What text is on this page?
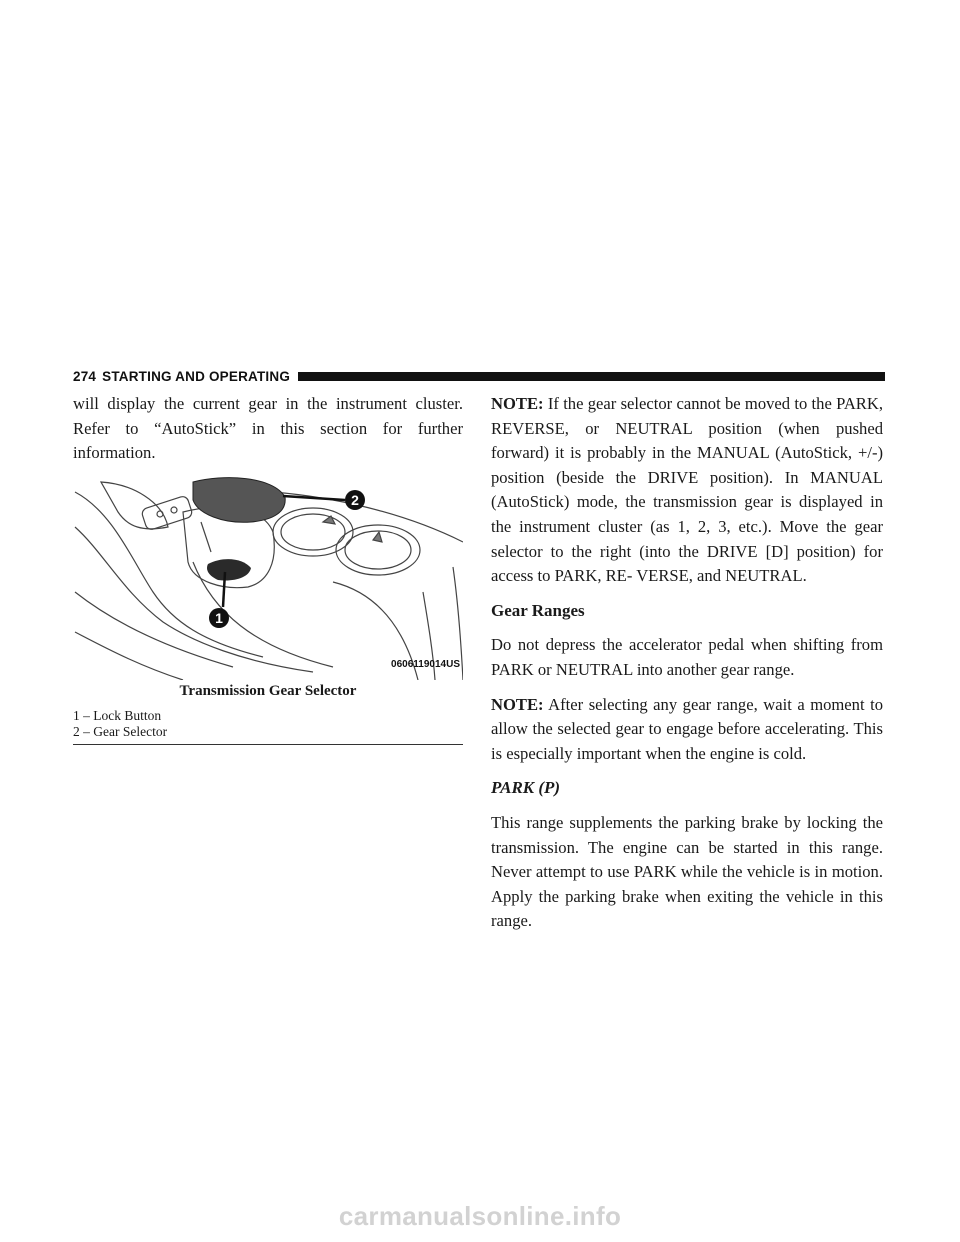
274 STARTING AND OPERATING

will display the current gear in the instrument cluster. Refer to “AutoStick” in this section for further information.

2
1
0606119014US
Transmission Gear Selector
1 – Lock Button
2 – Gear Selector

NOTE: If the gear selector cannot be moved to the PARK, REVERSE, or NEUTRAL position (when pushed forward) it is probably in the MANUAL (AutoStick, +/-) position (beside the DRIVE position). In MANUAL (AutoStick) mode, the transmission gear is displayed in the instrument cluster (as 1, 2, 3, etc.). Move the gear selector to the right (into the DRIVE [D] position) for access to PARK, RE- VERSE, and NEUTRAL.

Gear Ranges

Do not depress the accelerator pedal when shifting from PARK or NEUTRAL into another gear range.

NOTE: After selecting any gear range, wait a moment to allow the selected gear to engage before accelerating. This is especially important when the engine is cold.

PARK (P)

This range supplements the parking brake by locking the transmission. The engine can be started in this range. Never attempt to use PARK while the vehicle is in motion. Apply the parking brake when exiting the vehicle in this range.

carmanualsonline.info
